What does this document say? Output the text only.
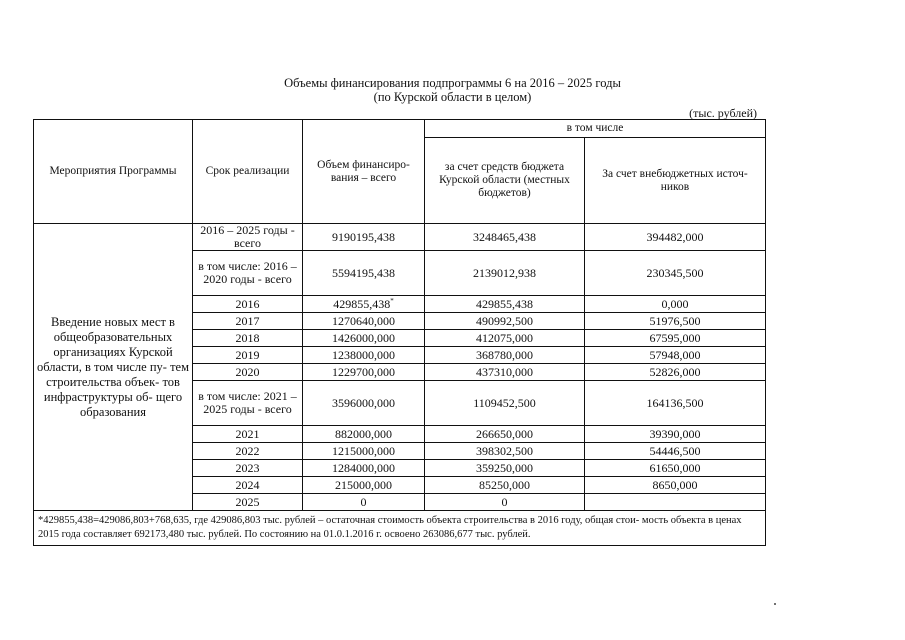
Объемы финансирования подпрограммы 6 на 2016 – 2025 годы
(по Курской области в целом)
(тыс. рублей)
Мероприятия Программы	Срок реализации	Объем финансиро- вания – всего	в том числе	
			за счет средств бюджета Курской области (местных бюджетов)	За счет внебюджетных источ- ников
Введение новых мест в общеобразовательных организациях Курской области, в том числе пу- тем строительства объек- тов инфраструктуры об- щего образования	2016 – 2025 годы - всего	9190195,438	3248465,438	394482,000
	в том числе: 2016 – 2020 годы - всего	5594195,438	2139012,938	230345,500
	2016	429855,438*	429855,438	0,000
	2017	1270640,000	490992,500	51976,500
	2018	1426000,000	412075,000	67595,000
	2019	1238000,000	368780,000	57948,000
	2020	1229700,000	437310,000	52826,000
	в том числе: 2021 – 2025 годы - всего	3596000,000	1109452,500	164136,500
	2021	882000,000	266650,000	39390,000
	2022	1215000,000	398302,500	54446,500
	2023	1284000,000	359250,000	61650,000
	2024	215000,000	85250,000	8650,000
	2025	0	0	
*429855,438=429086,803+768,635, где 429086,803 тыс. рублей – остаточная стоимость объекта строительства в 2016 году, общая стои- мость объекта в ценах 2015 года составляет 692173,480 тыс. рублей. По состоянию на 01.0.1.2016 г. освоено 263086,677 тыс. рублей.				
